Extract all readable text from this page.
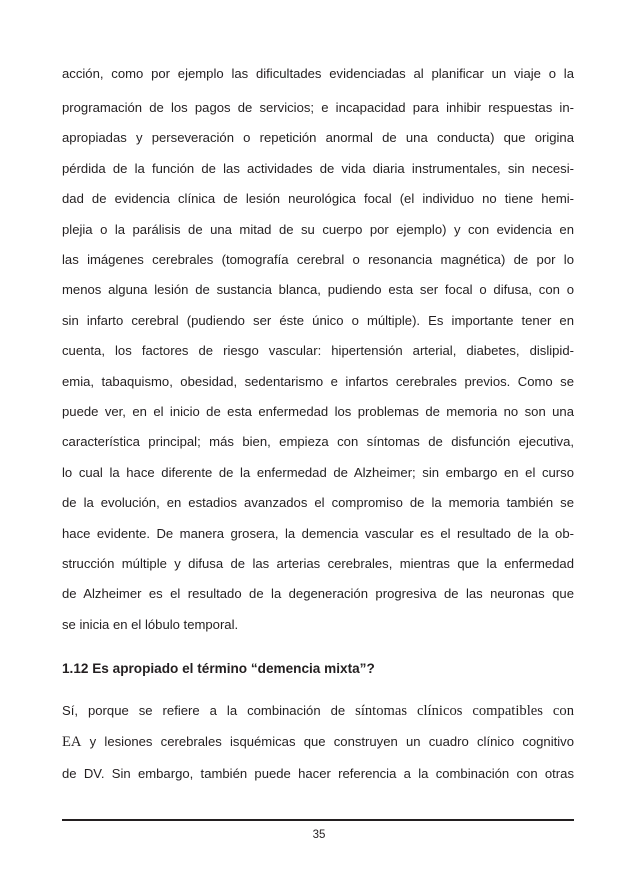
acción, como por ejemplo las dificultades evidenciadas al planificar un viaje o la
programación de los pagos de servicios; e incapacidad para inhibir respuestas in-
apropiadas y perseveración o repetición anormal de una conducta) que origina
pérdida de la función de las actividades de vida diaria instrumentales, sin necesi-
dad de evidencia clínica de lesión neurológica focal (el individuo no tiene hemi-
plejia o la parálisis de una mitad de su cuerpo por ejemplo) y con evidencia en
las imágenes cerebrales (tomografía cerebral o resonancia magnética) de por lo
menos alguna lesión de sustancia blanca, pudiendo esta ser focal o difusa, con o
sin infarto cerebral (pudiendo ser éste único o múltiple). Es importante tener en
cuenta, los factores de riesgo vascular: hipertensión arterial, diabetes, dislipid-
emia, tabaquismo, obesidad, sedentarismo e infartos cerebrales previos. Como se
puede ver, en el inicio de esta enfermedad los problemas de memoria no son una
característica principal; más bien, empieza con síntomas de disfunción ejecutiva,
lo cual la hace diferente de la enfermedad de Alzheimer; sin embargo en el curso
de la evolución, en estadios avanzados el compromiso de la memoria también se
hace evidente. De manera grosera, la demencia vascular es el resultado de la ob-
strucción múltiple y difusa de las arterias cerebrales, mientras que la enfermedad
de Alzheimer es el resultado de la degeneración progresiva de las neuronas que
se inicia en el lóbulo temporal.
1.12 Es apropiado el término “demencia mixta”?
Sí, porque se refiere a la combinación de síntomas clínicos compatibles con
EA y lesiones cerebrales isquémicas que construyen un cuadro clínico cognitivo
de DV. Sin embargo, también puede hacer referencia a la combinación con otras
35
